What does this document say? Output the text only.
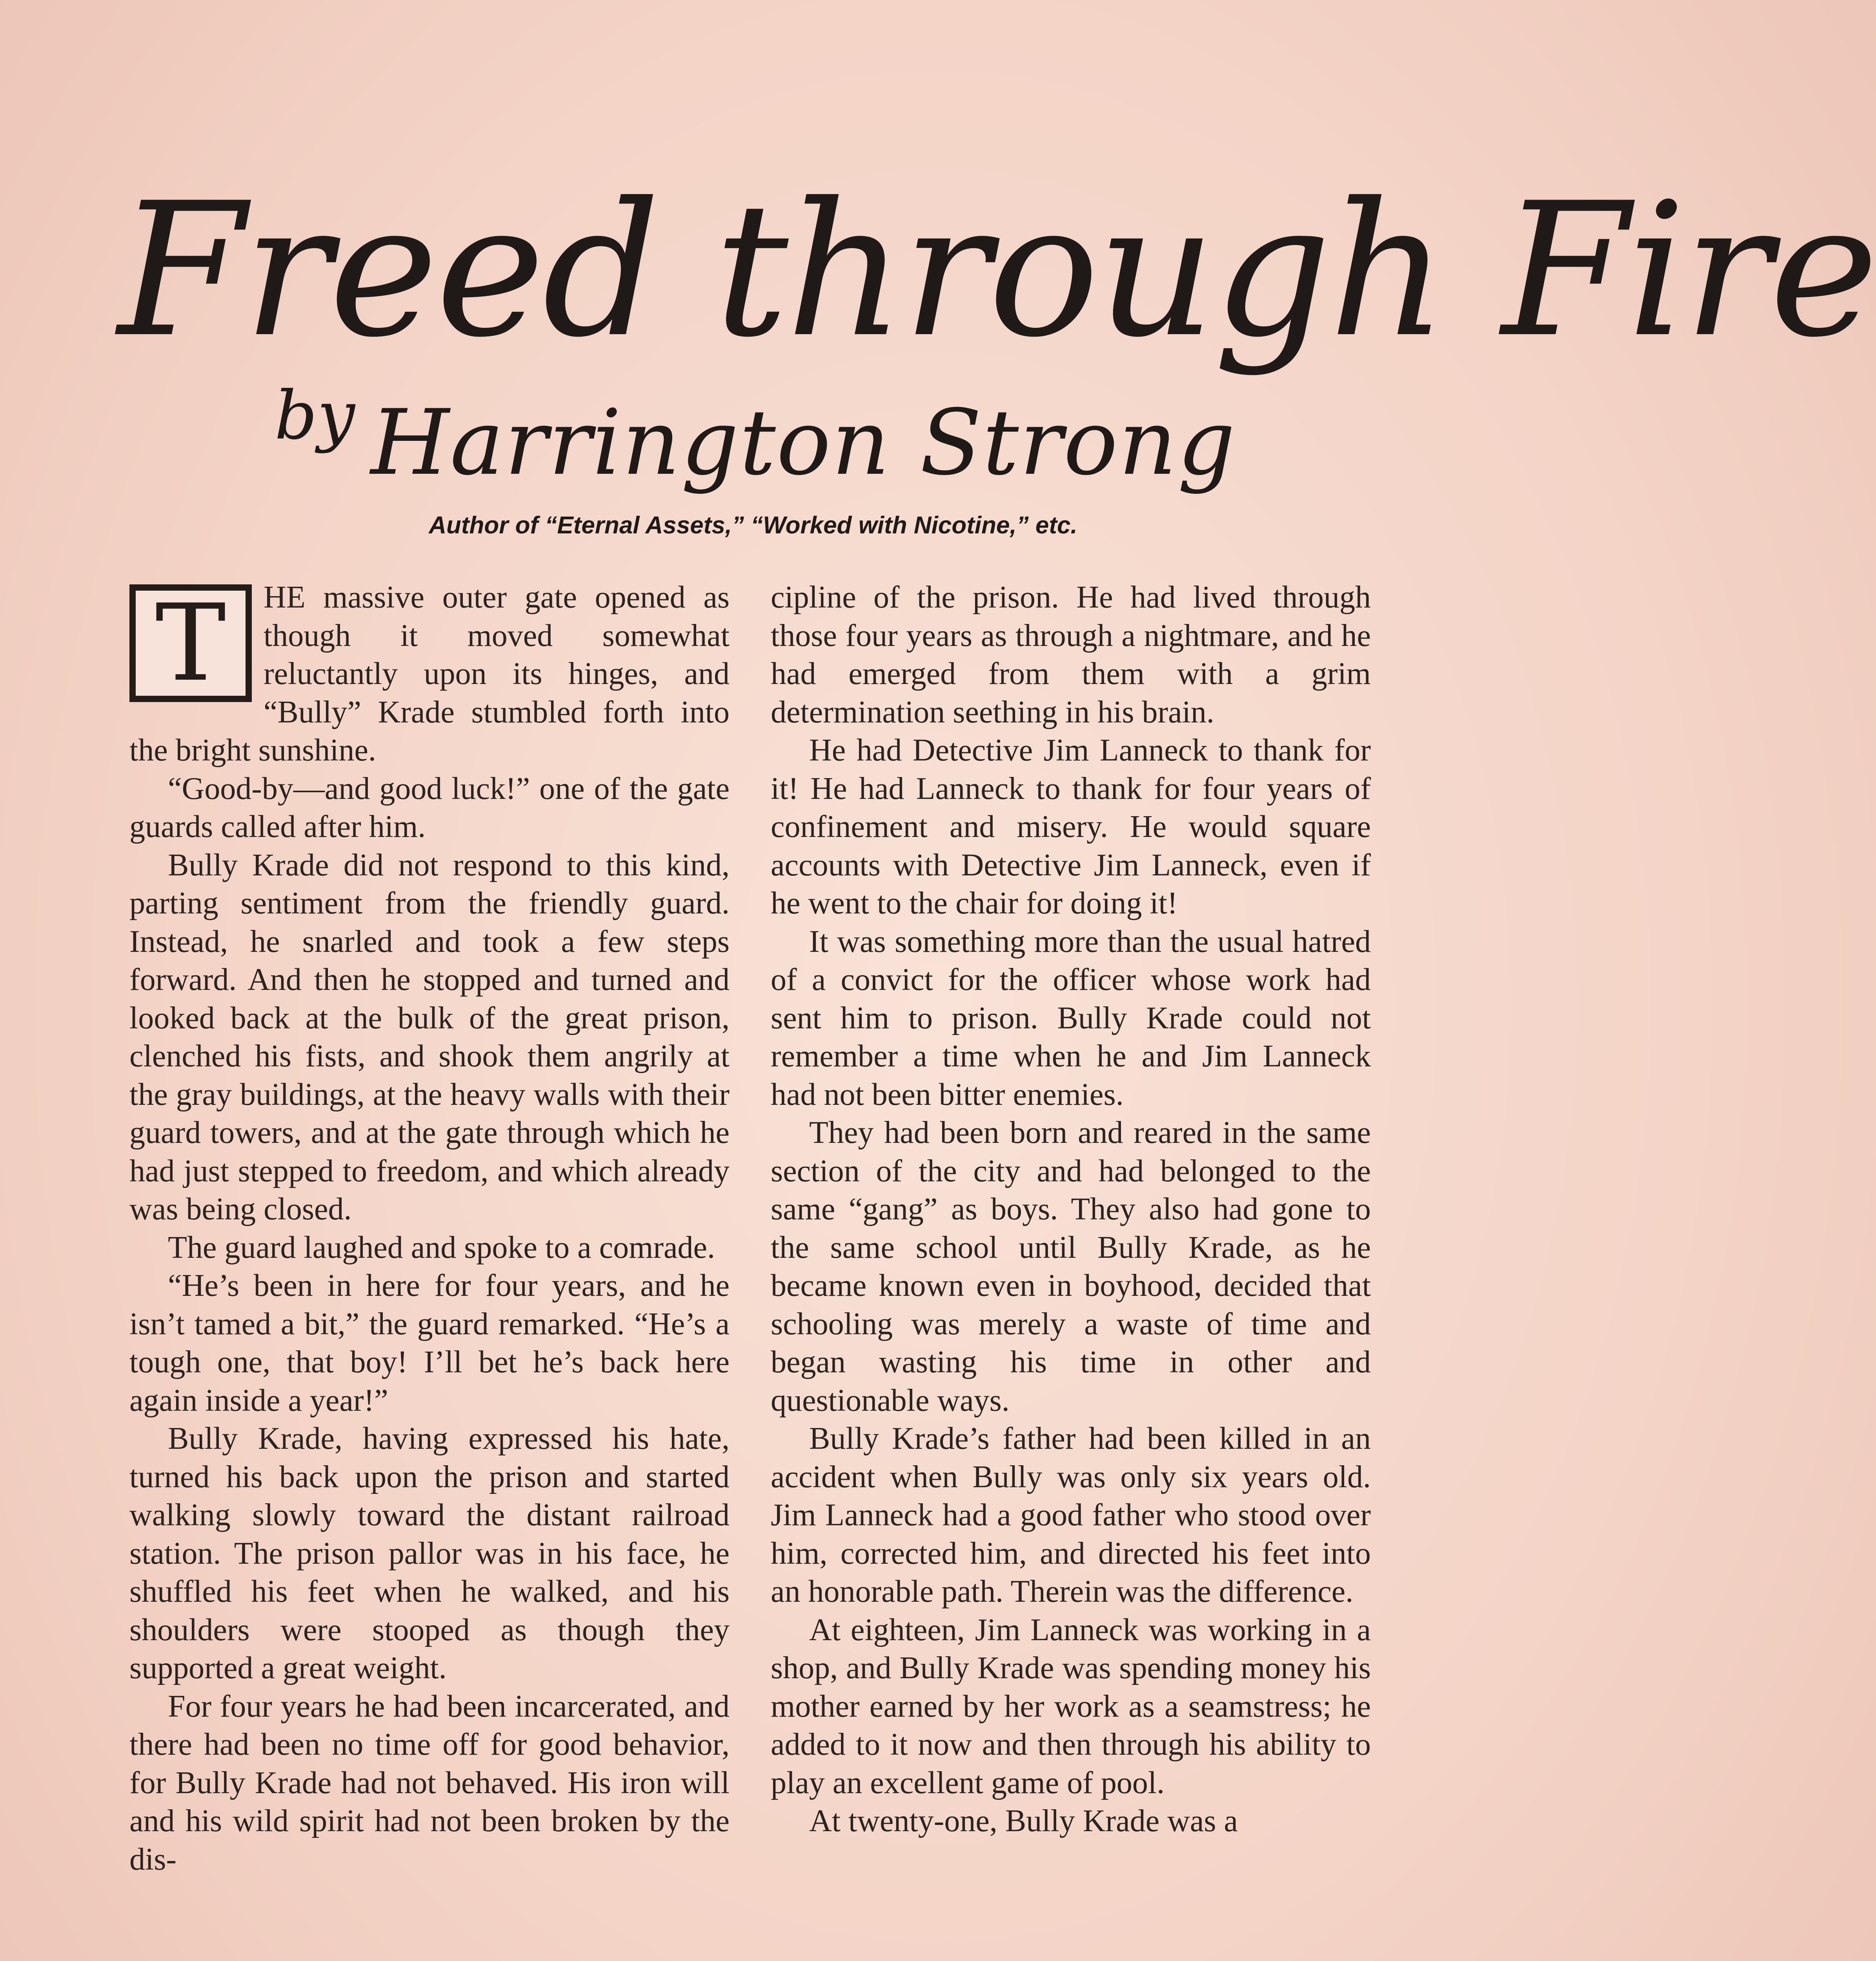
Freed through Fire
by Harrington Strong
Author of “Eternal Assets,” “Worked with Nicotine,” etc.
T	HE massive outer gate opened as though it moved somewhat reluctantly upon its hinges, and “Bully” Krade stumbled forth into the bright sunshine.

“Good-by—and good luck!” one of the gate guards called after him.

Bully Krade did not respond to this kind, parting sentiment from the friendly guard. Instead, he snarled and took a few steps forward. And then he stopped and turned and looked back at the bulk of the great prison, clenched his fists, and shook them angrily at the gray buildings, at the heavy walls with their guard towers, and at the gate through which he had just stepped to freedom, and which already was being closed.

The guard laughed and spoke to a comrade.

“He’s been in here for four years, and he isn’t tamed a bit,” the guard remarked. “He’s a tough one, that boy! I’ll bet he’s back here again inside a year!”

Bully Krade, having expressed his hate, turned his back upon the prison and started walking slowly toward the distant railroad station. The prison pallor was in his face, he shuffled his feet when he walked, and his shoulders were stooped as though they supported a great weight.

For four years he had been incarcerated, and there had been no time off for good behavior, for Bully Krade had not behaved. His iron will and his wild spirit had not been broken by the dis-

cipline of the prison. He had lived through those four years as through a nightmare, and he had emerged from them with a grim determination seething in his brain.

He had Detective Jim Lanneck to thank for it! He had Lanneck to thank for four years of confinement and misery. He would square accounts with Detective Jim Lanneck, even if he went to the chair for doing it!

It was something more than the usual hatred of a convict for the officer whose work had sent him to prison. Bully Krade could not remember a time when he and Jim Lanneck had not been bitter enemies.

They had been born and reared in the same section of the city and had belonged to the same “gang” as boys. They also had gone to the same school until Bully Krade, as he became known even in boyhood, decided that schooling was merely a waste of time and began wasting his time in other and questionable ways.

Bully Krade’s father had been killed in an accident when Bully was only six years old. Jim Lanneck had a good father who stood over him, corrected him, and directed his feet into an honorable path. Therein was the difference.

At eighteen, Jim Lanneck was working in a shop, and Bully Krade was spending money his mother earned by her work as a seamstress; he added to it now and then through his ability to play an excellent game of pool.

At twenty-one, Bully Krade was a
